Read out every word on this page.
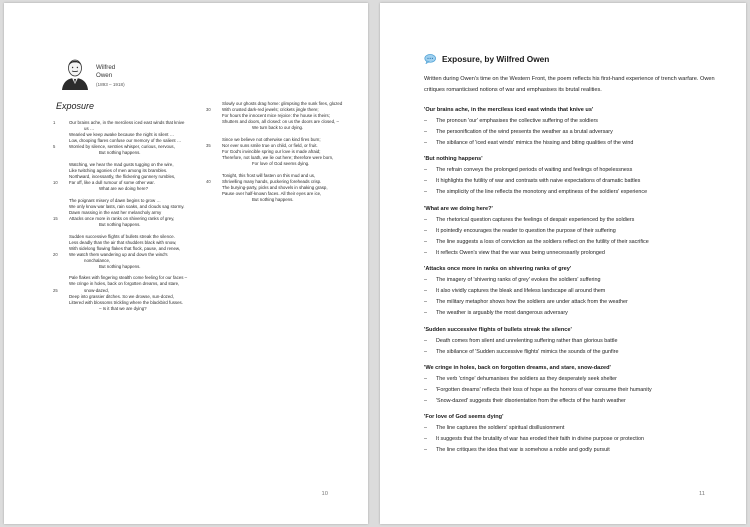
Wilfred
Owen
(1893 – 1918)
Exposure
1	Our brains ache, in the merciless iced east winds that knive
us …
Wearied we keep awake because the night is silent …
Low, drooping flares confuse our memory of the salient …
5	Worried by silence, sentries whisper, curious, nervous,
But nothing happens.
Watching, we hear the mad gusts tugging on the wire,
Like twitching agonies of men among its brambles.
Northward, incessantly, the flickering gunnery rumbles,
10	Far off, like a dull rumour of some other war.
What are we doing here?
The poignant misery of dawn begins to grow …
We only know war lasts, rain soaks, and clouds sag stormy.
Dawn massing in the east her melancholy army
15	Attacks once more in ranks on shivering ranks of grey,
But nothing happens.
Sudden successive flights of bullets streak the silence.
Less deadly than the air that shudders black with snow,
With sidelong flowing flakes that flock, pause, and renew,
20	We watch them wandering up and down the wind's
nonchalance,
But nothing happens.
Pale flakes with fingering stealth come feeling for our faces –
We cringe in holes, back on forgotten dreams, and stare,
25	snow-dazed,
Deep into grassier ditches. So we drowse, sun-dozed,
Littered with blossoms trickling where the blackbird fusses.
– Is it that we are dying?
Slowly our ghosts drag home: glimpsing the sunk fires, glozed
30	With crusted dark-red jewels; crickets jingle there;
For hours the innocent mice rejoice: the house is theirs;
Shutters and doors, all closed: on us the doors are closed, –
We turn back to our dying.
Since we believe not otherwise can kind fires burn;
35	Nor ever suns smile true on child, or field, or fruit.
For God's invincible spring our love is made afraid;
Therefore, not loath, we lie out here; therefore were born,
For love of God seems dying.
Tonight, this frost will fasten on this mud and us,
40	Shrivelling many hands, puckering foreheads crisp.
The burying-party, picks and shovels in shaking grasp,
Pause over half-known faces. All their eyes are ice,
But nothing happens.
10
Exposure, by Wilfred Owen
Written during Owen's time on the Western Front, the poem reflects his first-hand experience of trench warfare. Owen critiques romanticised notions of war and emphasises its brutal realities.
'Our brains ache, in the merciless iced east winds that knive us'
–	The pronoun 'our' emphasises the collective suffering of the soldiers
–	The personification of the wind presents the weather as a brutal adversary
–	The sibilance of 'iced east winds' mimics the hissing and biting qualities of the wind
'But nothing happens'
–	The refrain conveys the prolonged periods of waiting and feelings of hopelessness
–	It highlights the futility of war and contrasts with naive expectations of dramatic battles
–	The simplicity of the line reflects the monotony and emptiness of the soldiers' experience
'What are we doing here?'
–	The rhetorical question captures the feelings of despair experienced by the soldiers
–	It pointedly encourages the reader to question the purpose of their suffering
–	The line suggests a loss of conviction as the soldiers reflect on the futility of their sacrifice
–	It reflects Owen's view that the war was being unnecessarily prolonged
'Attacks once more in ranks on shivering ranks of grey'
–	The imagery of 'shivering ranks of grey' evokes the soldiers' suffering
–	It also vividly captures the bleak and lifeless landscape all around them
–	The military metaphor shows how the soldiers are under attack from the weather
–	The weather is arguably the most dangerous adversary
'Sudden successive flights of bullets streak the silence'
–	Death comes from silent and unrelenting suffering rather than glorious battle
–	The sibilance of 'Sudden successive flights' mimics the sounds of the gunfire
'We cringe in holes, back on forgotten dreams, and stare, snow-dazed'
–	The verb 'cringe' dehumanises the soldiers as they desperately seek shelter
–	'Forgotten dreams' reflects their loss of hope as the horrors of war consume their humanity
–	'Snow-dazed' suggests their disorientation from the effects of the harsh weather
'For love of God seems dying'
–	The line captures the soldiers' spiritual disillusionment
–	It suggests that the brutality of war has eroded their faith in divine purpose or protection
–	The line critiques the idea that war is somehow a noble and godly pursuit
11
